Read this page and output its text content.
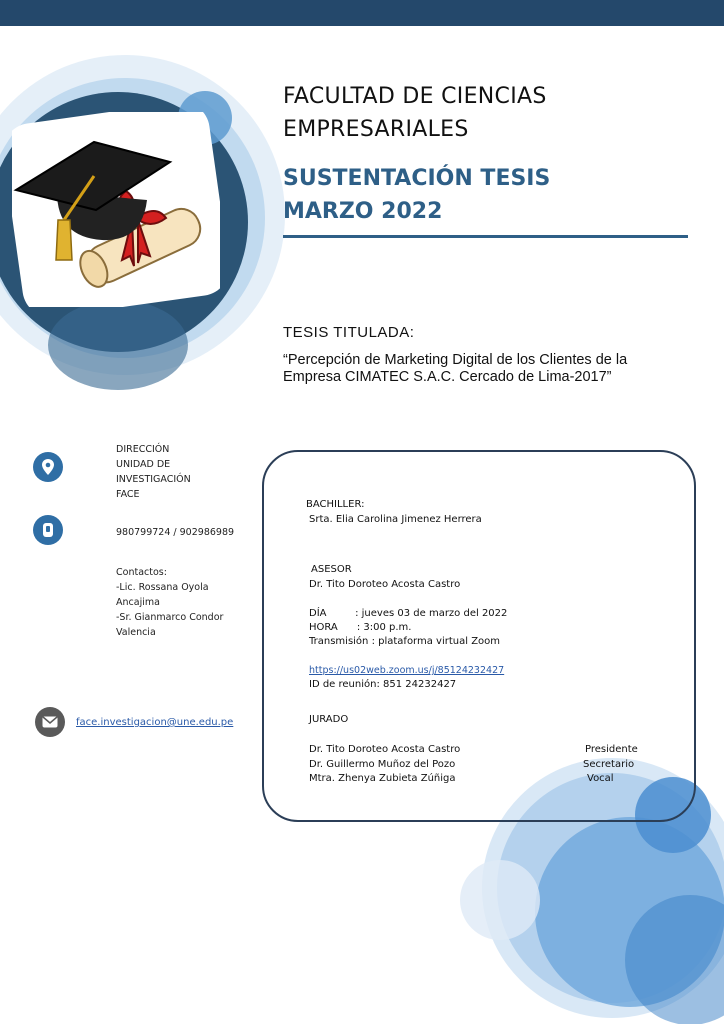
FACULTAD DE CIENCIAS EMPRESARIALES
SUSTENTACIÓN TESIS MARZO 2022
TESIS TITULADA:
“Percepción de Marketing Digital de los Clientes de la Empresa CIMATEC S.A.C. Cercado de Lima-2017”
DIRECCIÓN
UNIDAD DE
INVESTIGACIÓN
FACE
980799724 / 902986989
Contactos:
-Lic. Rossana Oyola
Ancajima
-Sr. Gianmarco Condor
Valencia
face.investigacion@une.edu.pe
BACHILLER:
Srta. Elia Carolina Jimenez Herrera
ASESOR
Dr. Tito Doroteo Acosta Castro
DÍA         : jueves 03 de marzo del 2022
HORA      : 3:00 p.m.
Transmisión : plataforma virtual Zoom
https://us02web.zoom.us/j/85124232427
ID de reunión: 851 24232427
JURADO
Dr. Tito Doroteo Acosta Castro
Dr. Guillermo Muñoz del Pozo
Mtra. Zhenya Zubieta Zúñiga
Presidente
Secretario
Vocal
